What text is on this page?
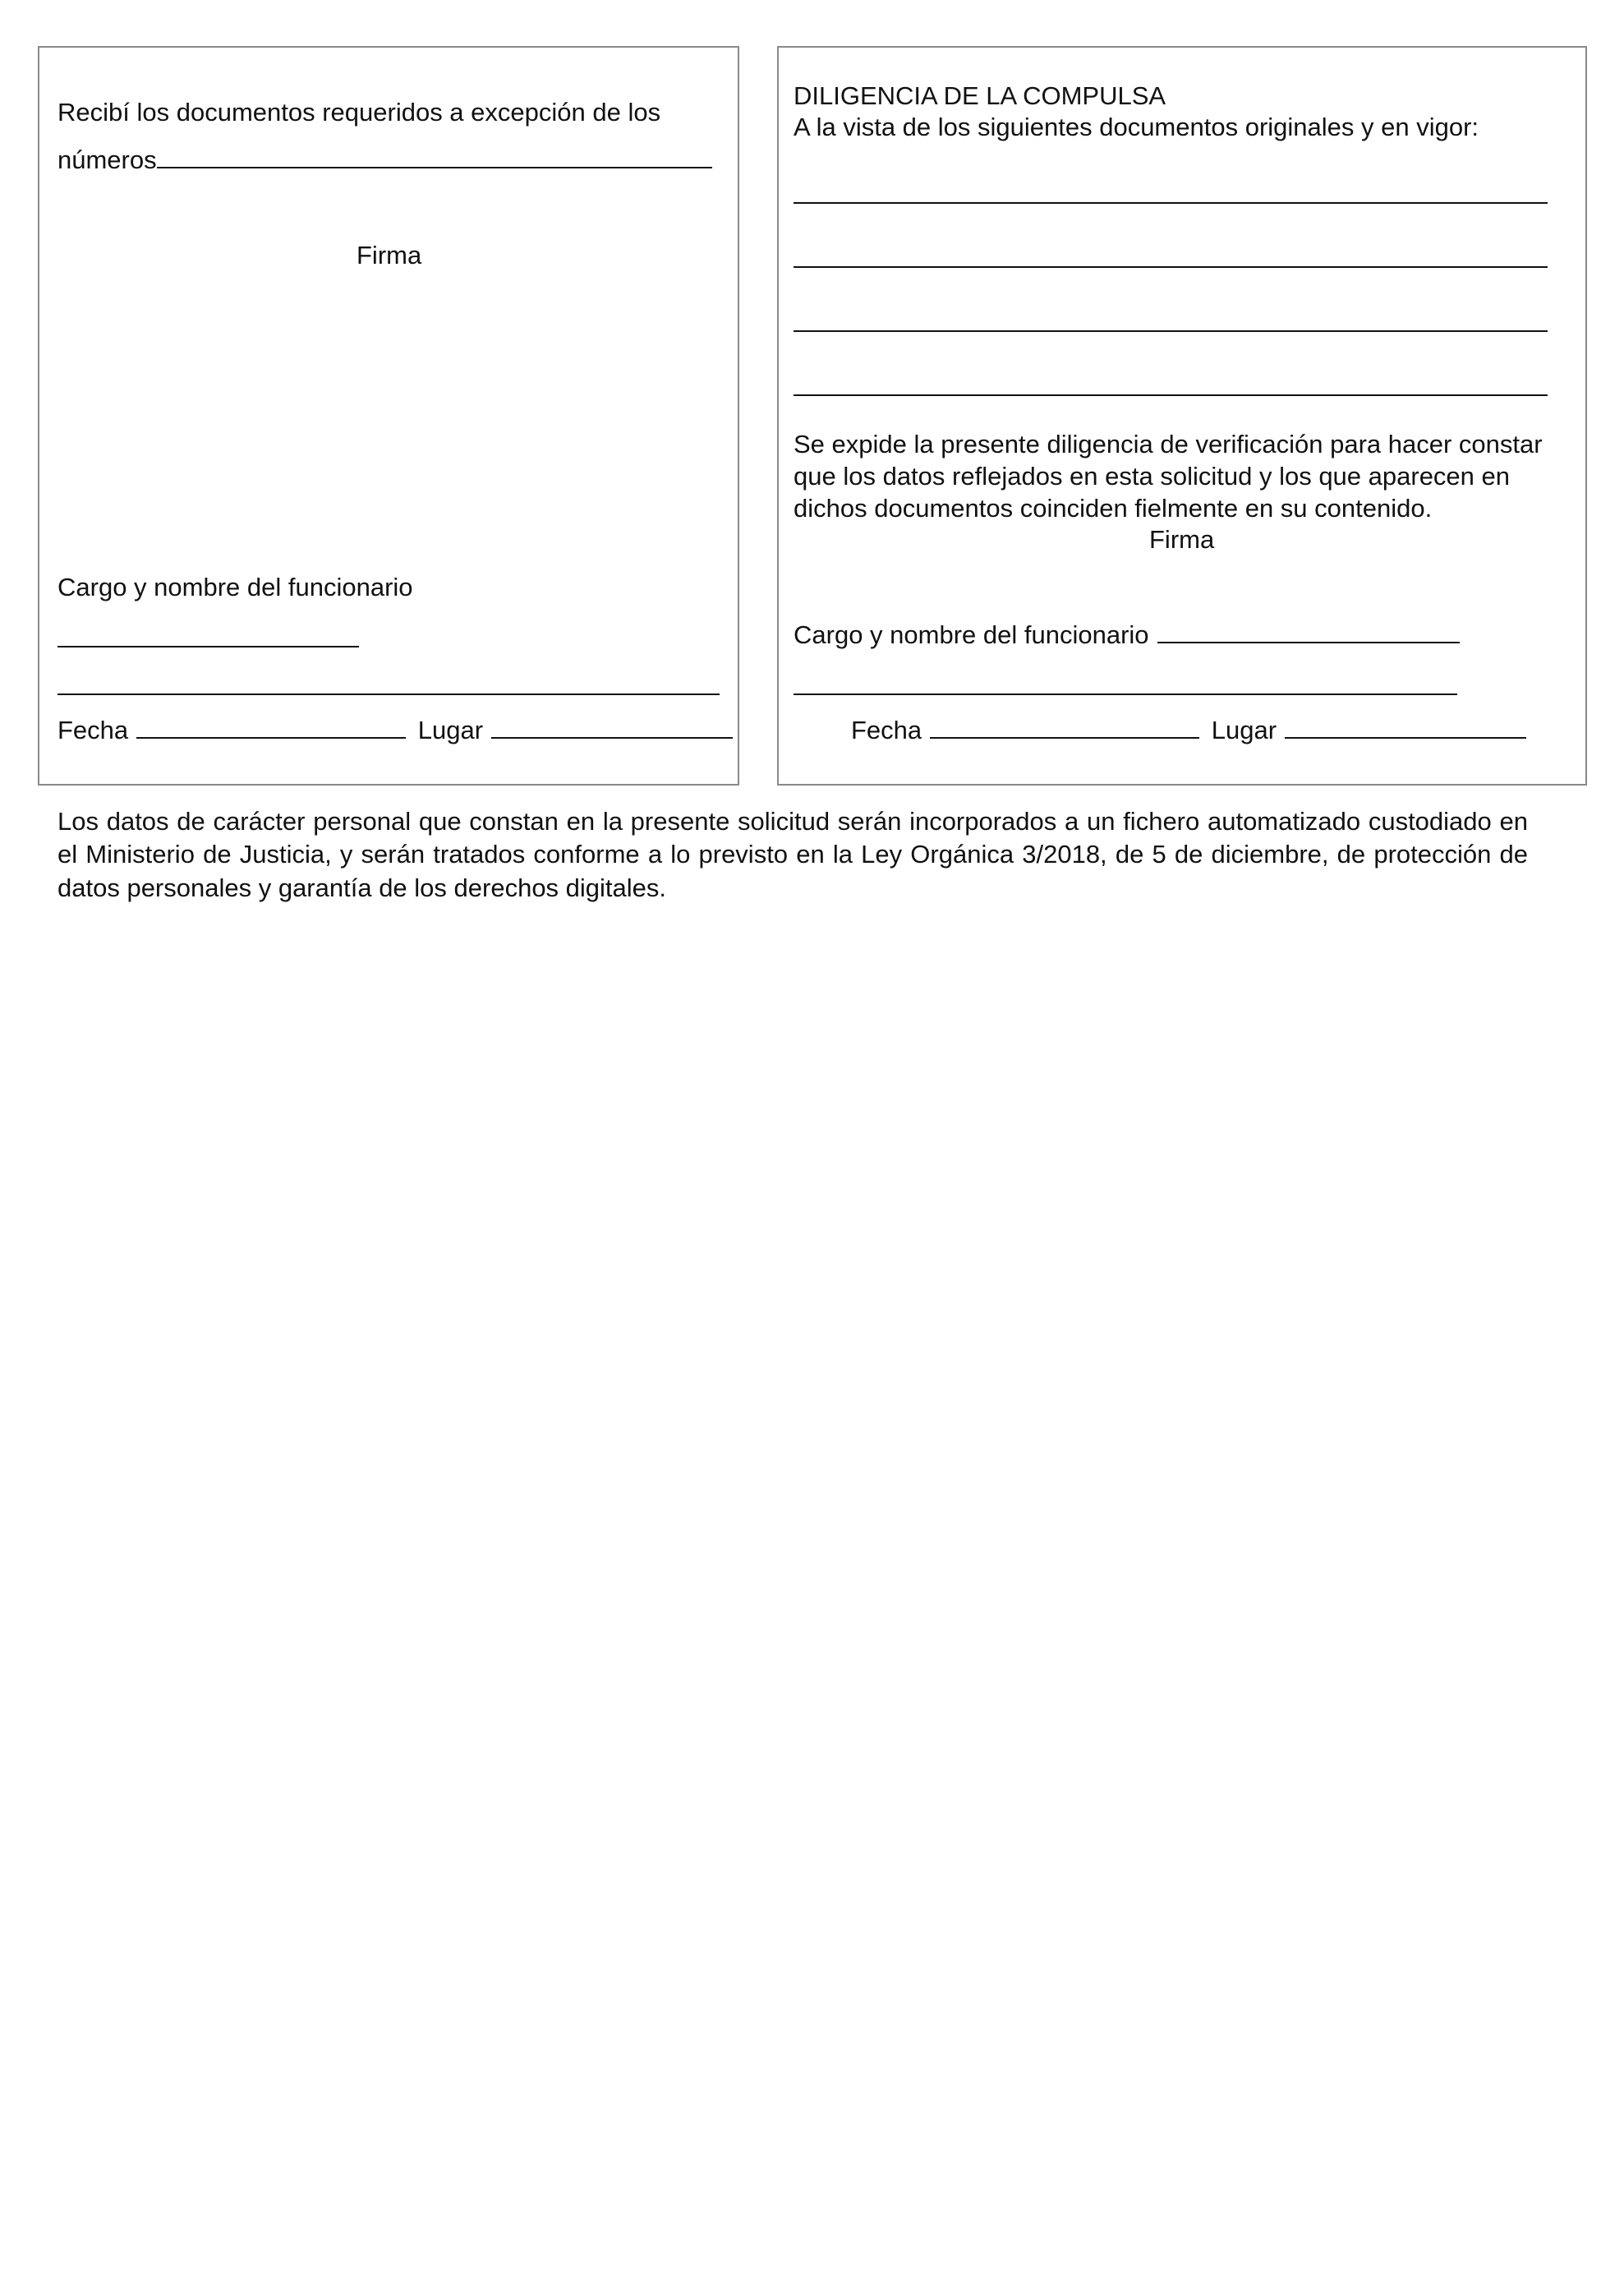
Recibí los documentos requeridos a excepción de los
números
Firma
Cargo y nombre del funcionario
Fecha	Lugar
DILIGENCIA DE LA COMPULSA
A la vista de los siguientes documentos originales y en vigor:
Se expide la presente diligencia de verificación para hacer constar
que los datos reflejados en esta solicitud y los que aparecen en
dichos documentos coinciden fielmente en su contenido.
Firma
Cargo y nombre del funcionario
Fecha	Lugar
Los datos de carácter personal que constan en la presente solicitud serán incorporados a un fichero automatizado custodiado en el Ministerio de Justicia, y serán tratados conforme a lo previsto en la Ley Orgánica 3/2018, de 5 de diciembre, de protección de datos personales y garantía de los derechos digitales.
